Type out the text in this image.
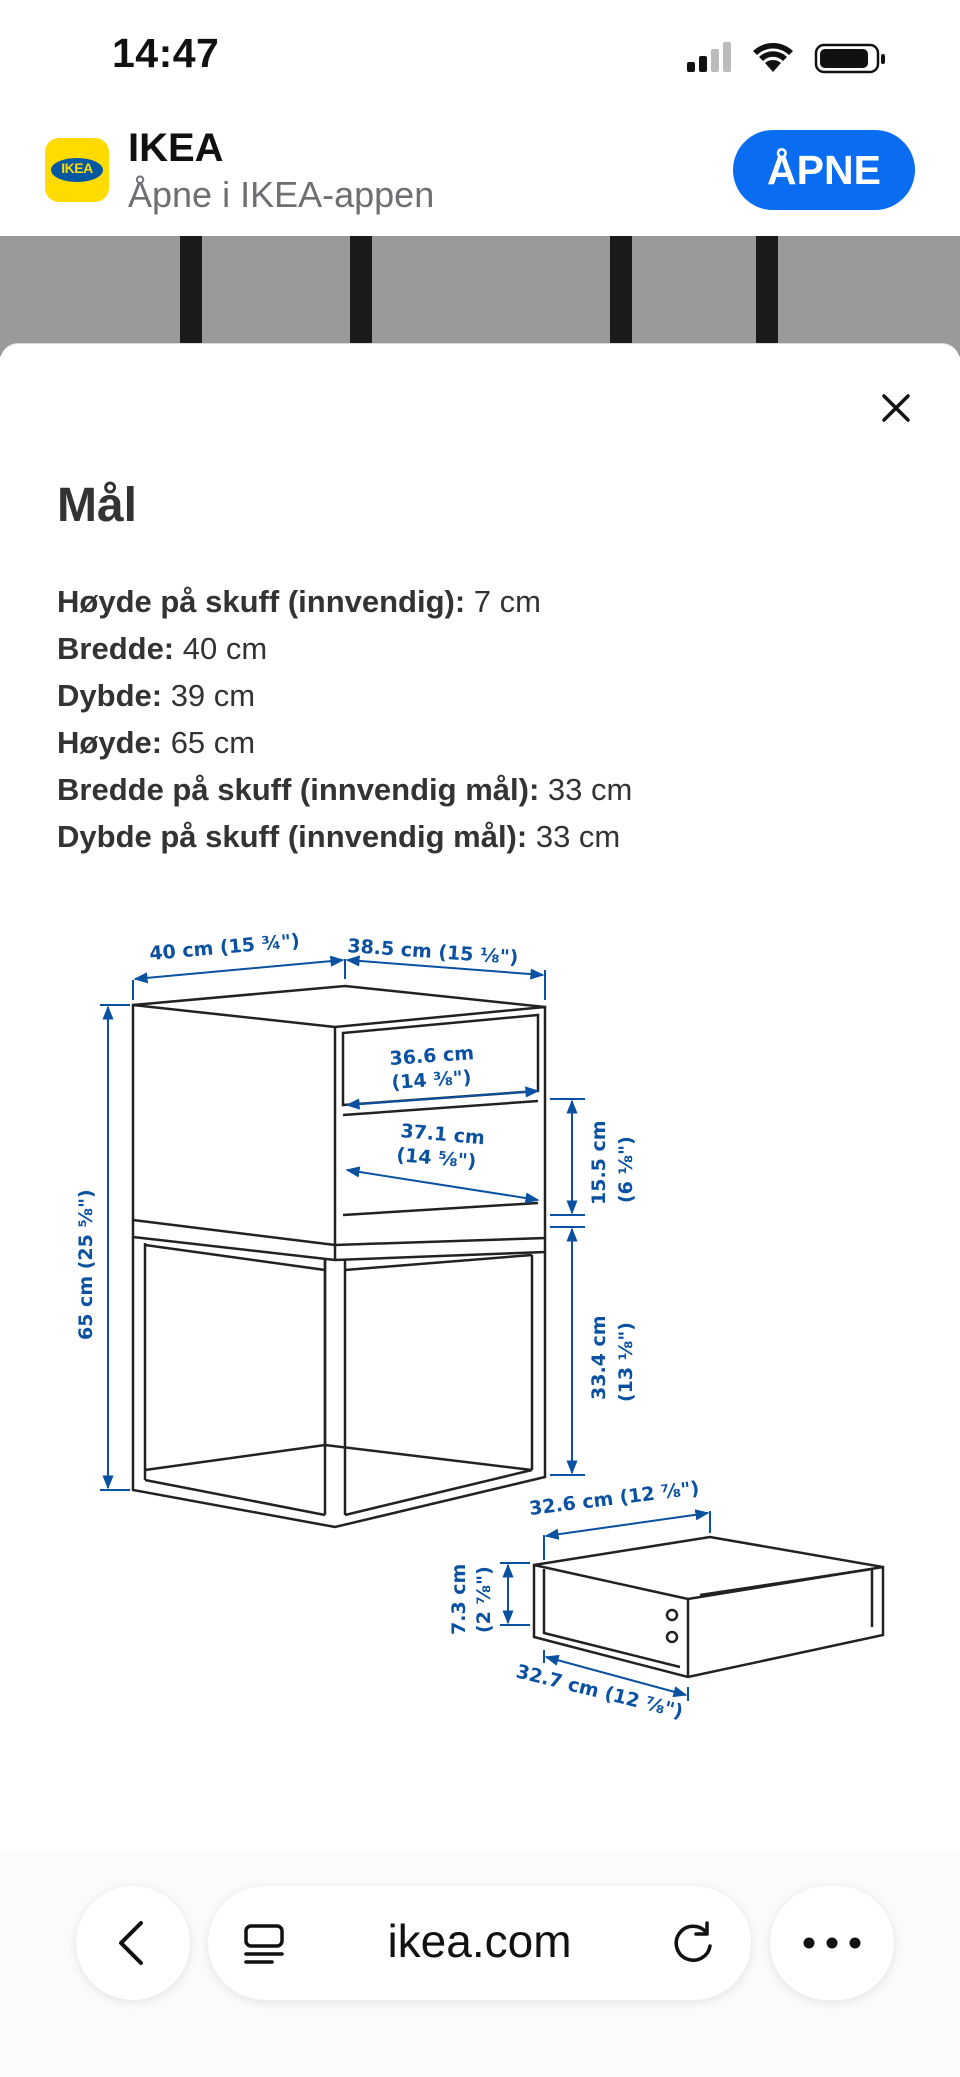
14:47
IKEA IKEA
Åpne i IKEA-appen
ÅPNE
Mål
Høyde på skuff (innvendig): 7 cm
Bredde: 40 cm
Dybde: 39 cm
Høyde: 65 cm
Bredde på skuff (innvendig mål): 33 cm
Dybde på skuff (innvendig mål): 33 cm
40 cm (15 ¾") 38.5 cm (15 ⅛")
36.6 cm
(14 ⅜")
37.1 cm
(14 ⅝")	15.5 cm (6 ⅛")
65 cm (25 ⅝")
33.4 cm (13 ⅛")
32.6 cm (12 ⅞")
7.3 cm (2 ⅞")
32.7 cm (12 ⅞")
ikea.com
